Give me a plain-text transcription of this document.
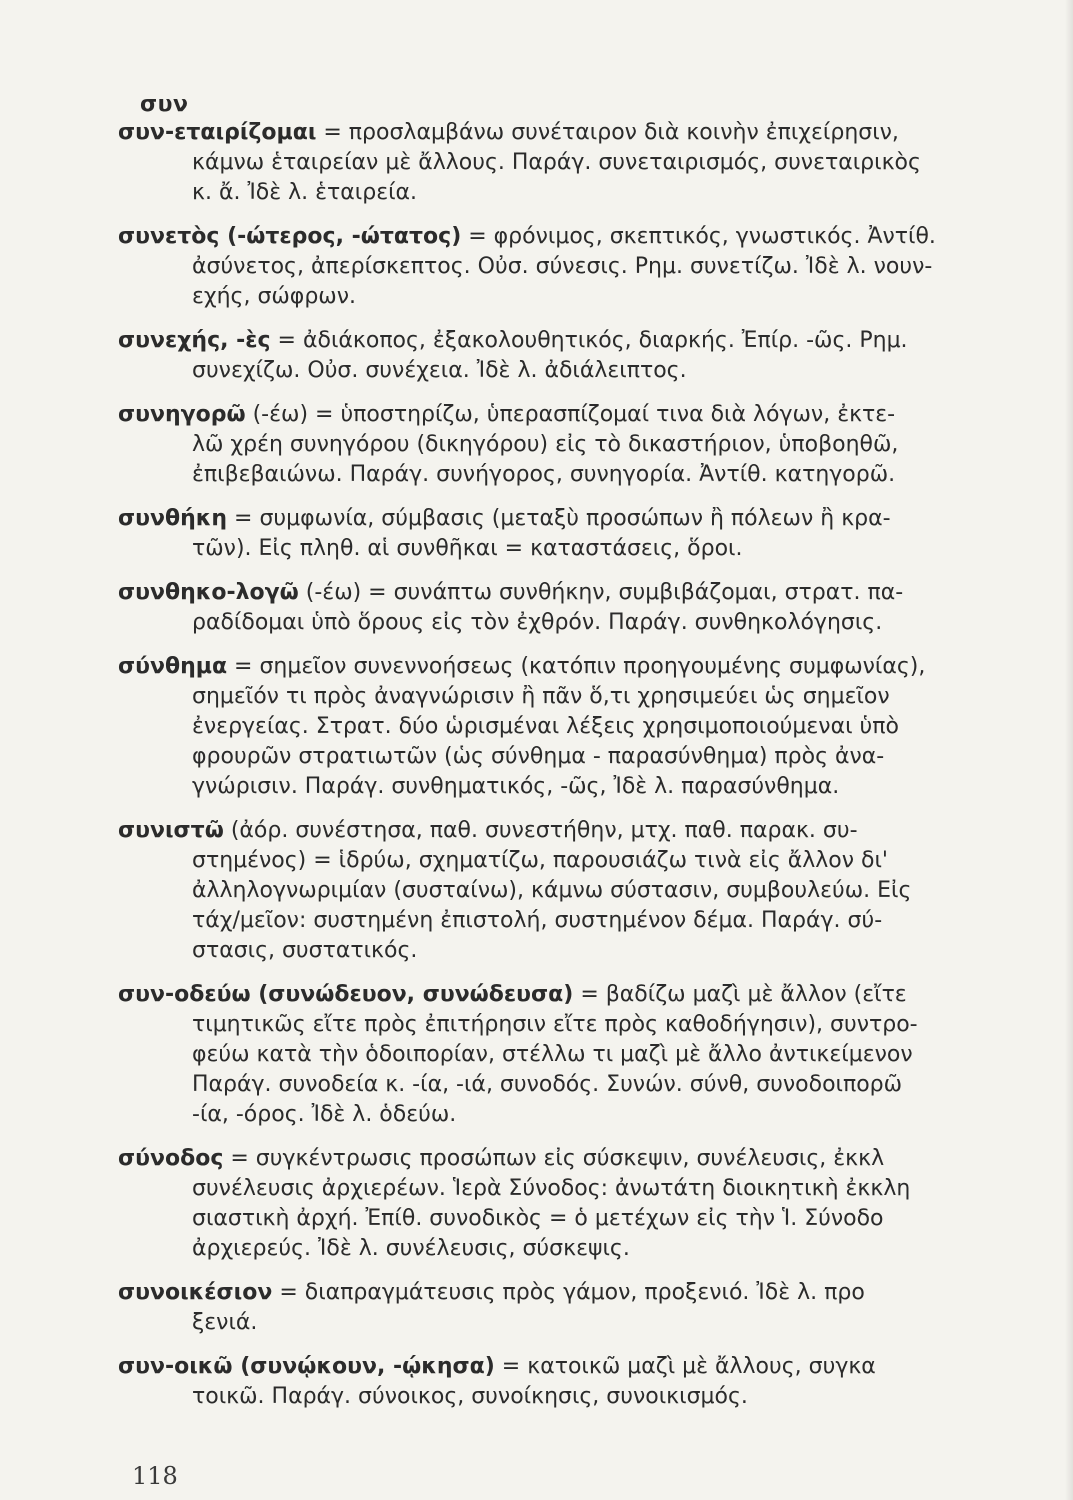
συν
συν-εταιρίζομαι = προσλαμβάνω συνέταιρον διὰ κοινὴν ἐπιχείρησιν,
κάμνω ἑταιρείαν μὲ ἄλλους. Παράγ. συνεταιρισμός, συνεταιρικὸς
κ. ἄ. Ἰδὲ λ. ἑταιρεία.
συνετὸς (-ώτερος, -ώτατος) = φρόνιμος, σκεπτικός, γνωστικός. Ἀντίθ.
ἀσύνετος, ἀπερίσκεπτος. Οὐσ. σύνεσις. Ρημ. συνετίζω. Ἰδὲ λ. νουν-
εχής, σώφρων.
συνεχής, -ὲς = ἀδιάκοπος, ἐξακολουθητικός, διαρκής. Ἐπίρ. -ῶς. Ρημ.
συνεχίζω. Οὐσ. συνέχεια. Ἰδὲ λ. ἀδιάλειπτος.
συνηγορῶ (-έω) = ὑποστηρίζω, ὑπερασπίζομαί τινα διὰ λόγων, ἐκτε-
λῶ χρέη συνηγόρου (δικηγόρου) εἰς τὸ δικαστήριον, ὑποβοηθῶ,
ἐπιβεβαιώνω. Παράγ. συνήγορος, συνηγορία. Ἀντίθ. κατηγορῶ.
συνθήκη = συμφωνία, σύμβασις (μεταξὺ προσώπων ἢ πόλεων ἢ κρα-
τῶν). Εἰς πληθ. αἱ συνθῆκαι = καταστάσεις, ὅροι.
συνθηκο-λογῶ (-έω) = συνάπτω συνθήκην, συμβιβάζομαι, στρατ. πα-
ραδίδομαι ὑπὸ ὅρους εἰς τὸν ἐχθρόν. Παράγ. συνθηκολόγησις.
σύνθημα = σημεῖον συνεννοήσεως (κατόπιν προηγουμένης συμφωνίας),
σημεῖόν τι πρὸς ἀναγνώρισιν ἢ πᾶν ὅ,τι χρησιμεύει ὡς σημεῖον
ἐνεργείας. Στρατ. δύο ὡρισμέναι λέξεις χρησιμοποιούμεναι ὑπὸ
φρουρῶν στρατιωτῶν (ὡς σύνθημα - παρασύνθημα) πρὸς ἀνα-
γνώρισιν. Παράγ. συνθηματικός, -ῶς, Ἰδὲ λ. παρασύνθημα.
συνιστῶ (ἀόρ. συνέστησα, παθ. συνεστήθην, μτχ. παθ. παρακ. συ-
στημένος) = ἱδρύω, σχηματίζω, παρουσιάζω τινὰ εἰς ἄλλον δι'
ἀλληλογνωριμίαν (συσταίνω), κάμνω σύστασιν, συμβουλεύω. Εἰς
τάχ/μεῖον: συστημένη ἐπιστολή, συστημένον δέμα. Παράγ. σύ-
στασις, συστατικός.
συν-οδεύω (συνώδευον, συνώδευσα) = βαδίζω μαζὶ μὲ ἄλλον (εἴτε
τιμητικῶς εἴτε πρὸς ἐπιτήρησιν εἴτε πρὸς καθοδήγησιν), συντρο-
φεύω κατὰ τὴν ὁδοιπορίαν, στέλλω τι μαζὶ μὲ ἄλλο ἀντικείμενον
Παράγ. συνοδεία κ. -ία, -ιά, συνοδός. Συνών. σύνθ, συνοδοιπορῶ
-ία, -όρος. Ἰδὲ λ. ὁδεύω.
σύνοδος = συγκέντρωσις προσώπων εἰς σύσκεψιν, συνέλευσις, ἐκκλ
συνέλευσις ἀρχιερέων. Ἱερὰ Σύνοδος: ἀνωτάτη διοικητικὴ ἐκκλη
σιαστικὴ ἀρχή. Ἐπίθ. συνοδικὸς = ὁ μετέχων εἰς τὴν Ἱ. Σύνοδο
ἀρχιερεύς. Ἰδὲ λ. συνέλευσις, σύσκεψις.
συνοικέσιον = διαπραγμάτευσις πρὸς γάμον, προξενιό. Ἰδὲ λ. προ
ξενιά.
συν-οικῶ (συνῴκουν, -ῴκησα) = κατοικῶ μαζὶ μὲ ἄλλους, συγκα
τοικῶ. Παράγ. σύνοικος, συνοίκησις, συνοικισμός.
118
